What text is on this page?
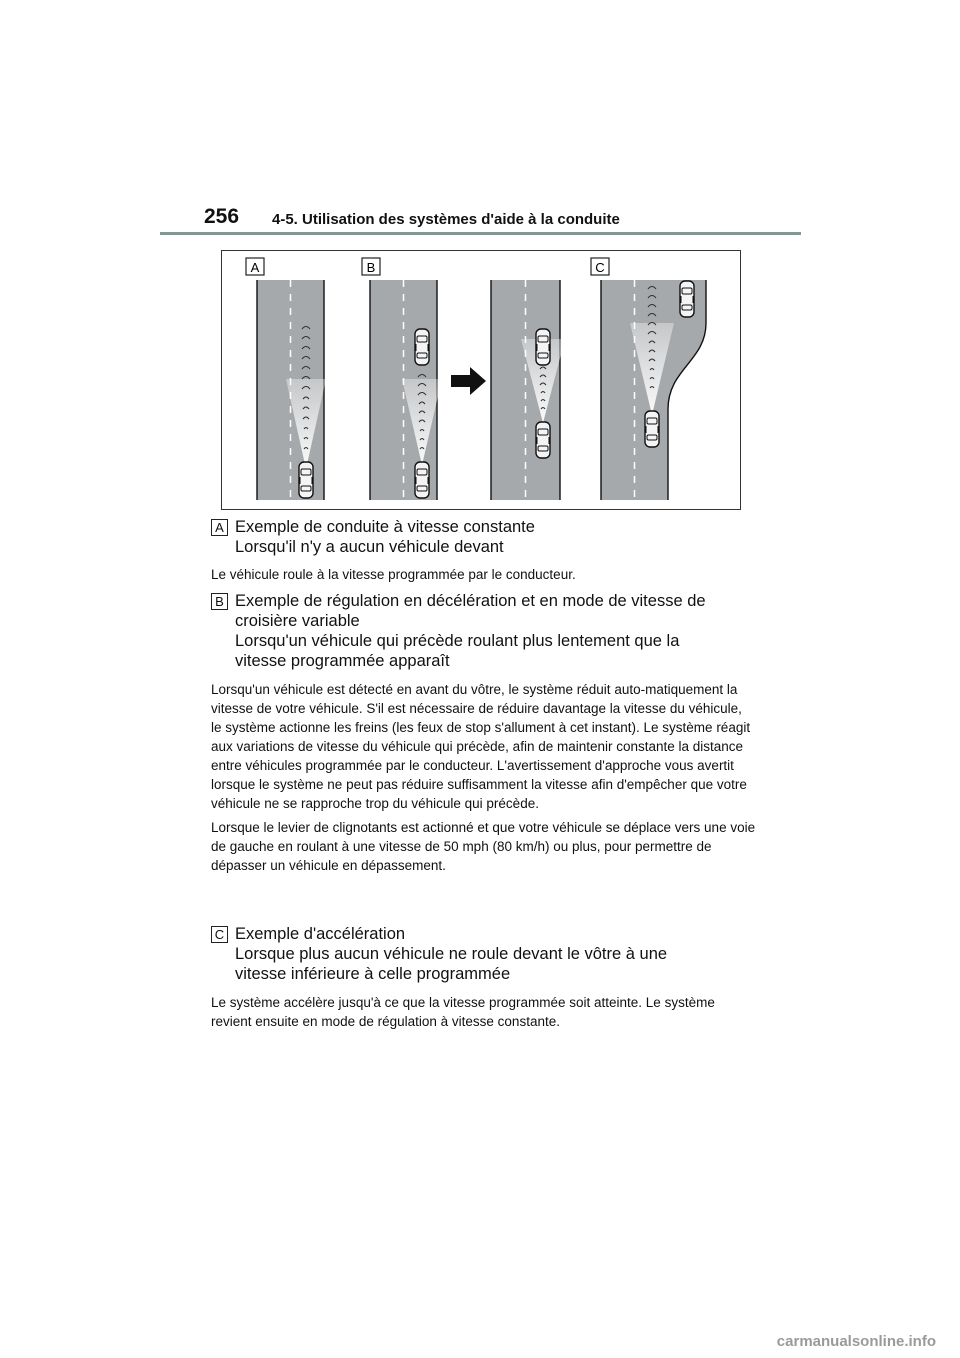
256 4-5. Utilisation des systèmes d'aide à la conduite
A	B	C
A Exemple de conduite à vitesse constante
Lorsqu'il n'y a aucun véhicule devant

Le véhicule roule à la vitesse programmée par le conducteur.

B Exemple de régulation en décélération et en mode de vitesse de
croisière variable
Lorsqu'un véhicule qui précède roulant plus lentement que la
vitesse programmée apparaît

Lorsqu'un véhicule est détecté en avant du vôtre, le système réduit auto-matiquement la vitesse de votre véhicule. S'il est nécessaire de réduire davantage la vitesse du véhicule, le système actionne les freins (les feux de stop s'allument à cet instant). Le système réagit aux variations de vitesse du véhicule qui précède, afin de maintenir constante la distance entre véhicules programmée par le conducteur. L'avertissement d'approche vous avertit lorsque le système ne peut pas réduire suffisamment la vitesse afin d'empêcher que votre véhicule ne se rapproche trop du véhicule qui précède.

Lorsque le levier de clignotants est actionné et que votre véhicule se déplace vers une voie de gauche en roulant à une vitesse de 50 mph (80 km/h) ou plus, pour permettre de dépasser un véhicule en dépassement.

C Exemple d'accélération
Lorsque plus aucun véhicule ne roule devant le vôtre à une
vitesse inférieure à celle programmée

Le système accélère jusqu'à ce que la vitesse programmée soit atteinte. Le système revient ensuite en mode de régulation à vitesse constante.

carmanualsonline.info
